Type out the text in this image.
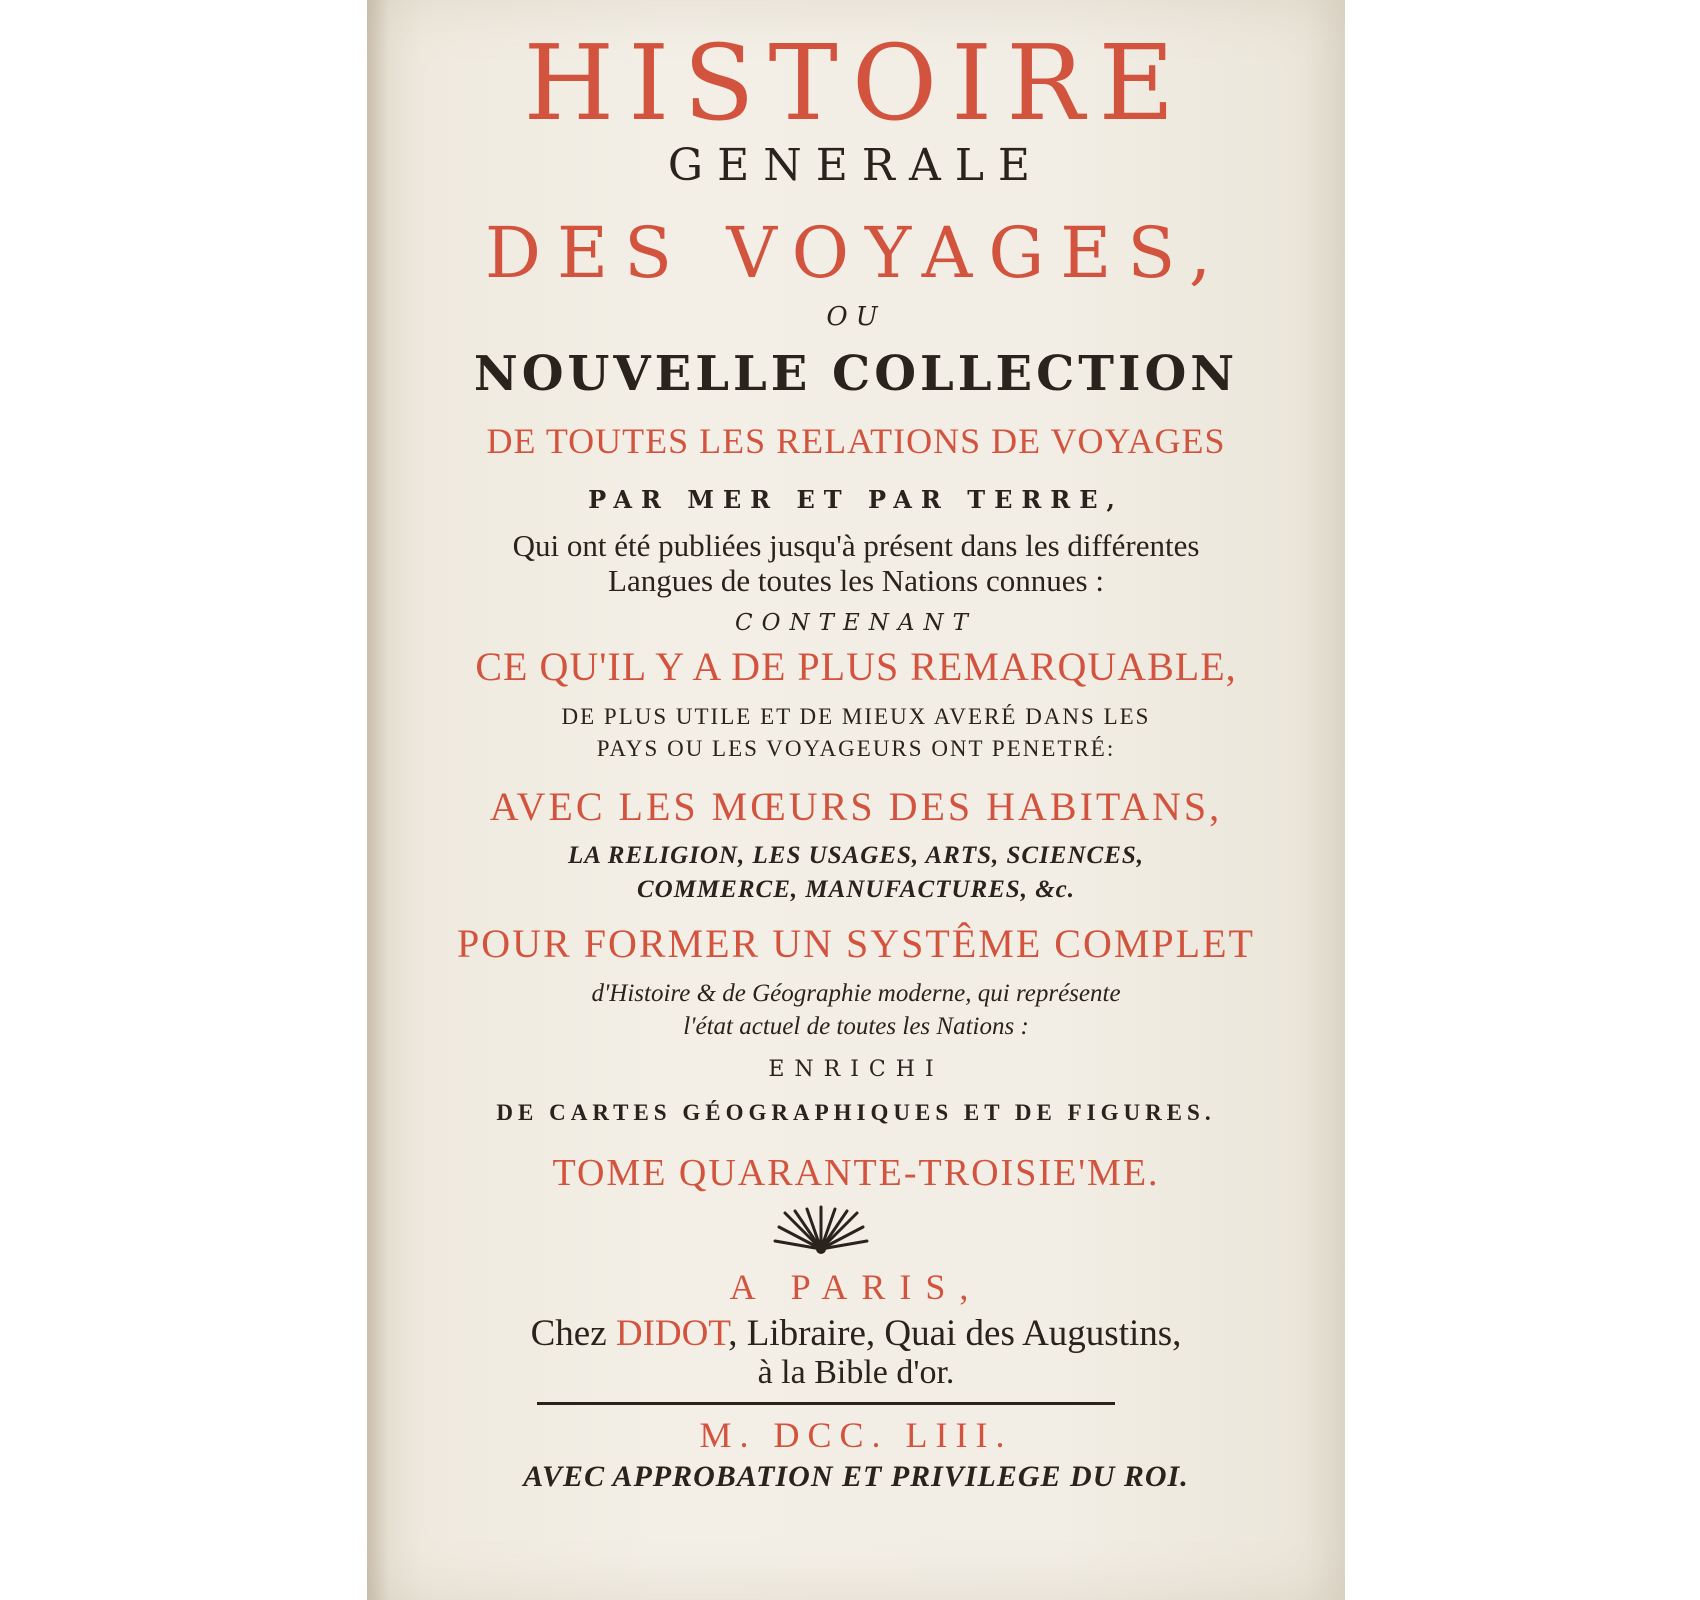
HISTOIRE
GENERALE
DES VOYAGES,
OU
NOUVELLE COLLECTION
DE TOUTES LES RELATIONS DE VOYAGES
PAR MER ET PAR TERRE,
Qui ont été publiées jusqu'à présent dans les différentes
Langues de toutes les Nations connues :
CONTENANT
CE QU'IL Y A DE PLUS REMARQUABLE,
DE PLUS UTILE ET DE MIEUX AVERÉ DANS LES
PAYS OU LES VOYAGEURS ONT PENETRÉ:
AVEC LES MŒURS DES HABITANS,
LA RELIGION, LES USAGES, ARTS, SCIENCES,
COMMERCE, MANUFACTURES, &c.
POUR FORMER UN SYSTÊME COMPLET
d'Histoire & de Géographie moderne, qui représente
l'état actuel de toutes les Nations :
ENRICHI
DE CARTES GÉOGRAPHIQUES ET DE FIGURES.
TOME QUARANTE-TROISIE'ME.
A PARIS,
Chez DIDOT, Libraire, Quai des Augustins,
à la Bible d'or.
M. DCC. LIII.
AVEC APPROBATION ET PRIVILEGE DU ROI.
